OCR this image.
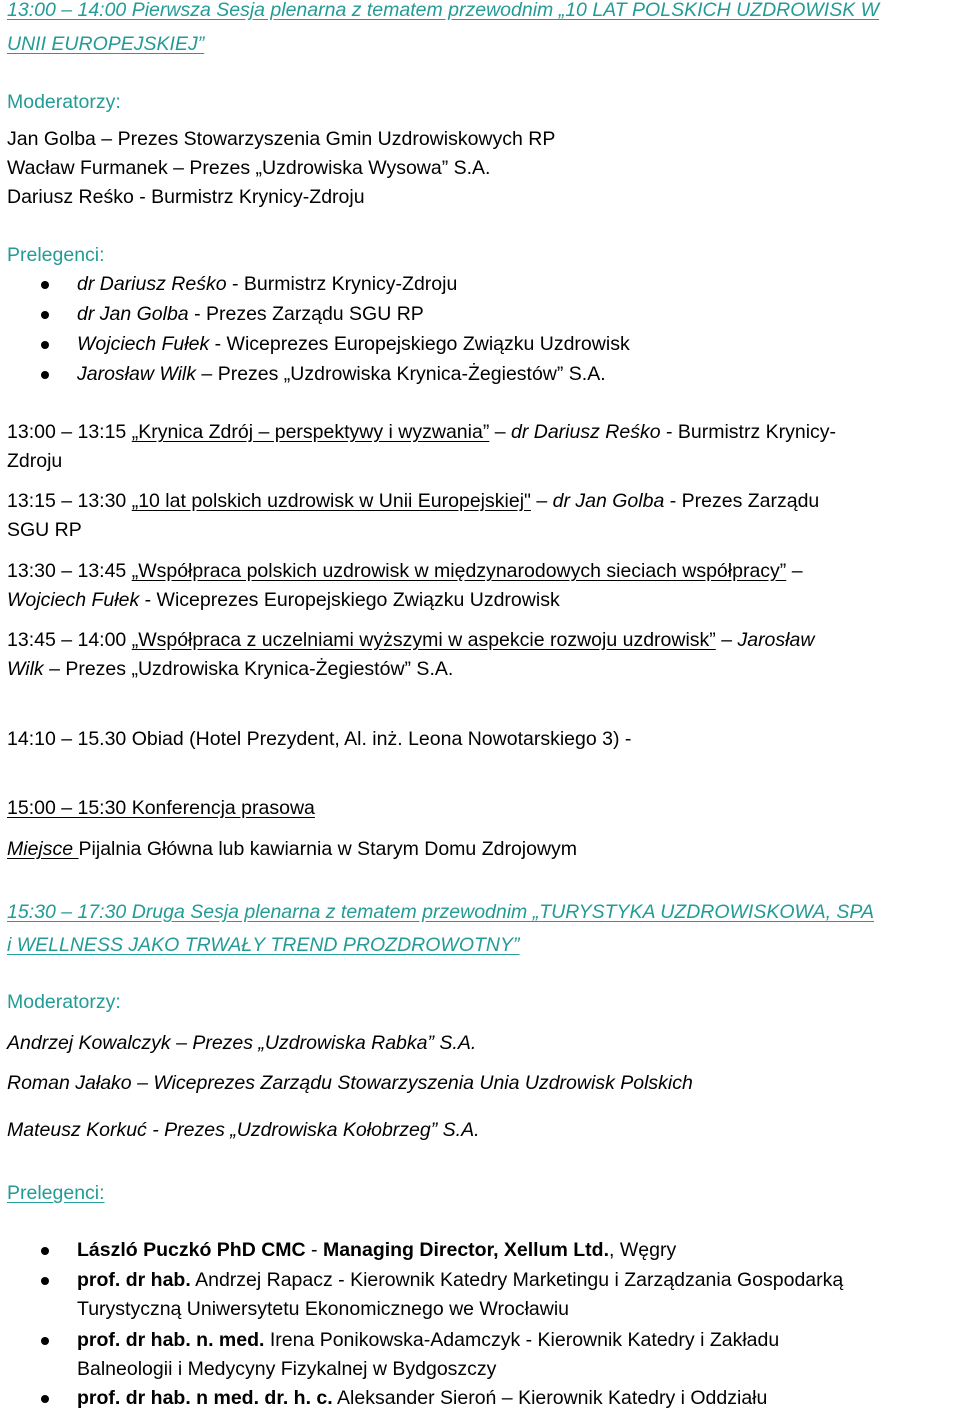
13:00 – 14:00 Pierwsza Sesja plenarna z tematem przewodnim „10 LAT POLSKICH UZDROWISK W

UNII EUROPEJSKIEJ”

Moderatorzy:

Jan Golba – Prezes Stowarzyszenia Gmin Uzdrowiskowych RP

Wacław Furmanek – Prezes „Uzdrowiska Wysowa” S.A.

Dariusz Reśko - Burmistrz Krynicy-Zdroju

Prelegenci:

dr Dariusz Reśko - Burmistrz Krynicy-Zdroju

dr Jan Golba - Prezes Zarządu SGU RP

Wojciech Fułek - Wiceprezes Europejskiego Związku Uzdrowisk

Jarosław Wilk – Prezes „Uzdrowiska Krynica-Żegiestów” S.A.

13:00 – 13:15 „Krynica Zdrój – perspektywy i wyzwania” – dr Dariusz Reśko - Burmistrz Krynicy-

Zdroju

13:15 – 13:30 „10 lat polskich uzdrowisk w Unii Europejskiej" – dr Jan Golba - Prezes Zarządu

SGU RP

13:30 – 13:45 „Współpraca polskich uzdrowisk w międzynarodowych sieciach współpracy” –

Wojciech Fułek - Wiceprezes Europejskiego Związku Uzdrowisk

13:45 – 14:00 „Współpraca z uczelniami wyższymi w aspekcie rozwoju uzdrowisk” – Jarosław

Wilk – Prezes „Uzdrowiska Krynica-Żegiestów” S.A.

14:10 – 15.30 Obiad (Hotel Prezydent, Al. inż. Leona Nowotarskiego 3) -

15:00 – 15:30 Konferencja prasowa

Miejsce Pijalnia Główna lub kawiarnia w Starym Domu Zdrojowym

15:30 – 17:30 Druga Sesja plenarna z tematem przewodnim „TURYSTYKA UZDROWISKOWA, SPA

i WELLNESS JAKO TRWAŁY TREND PROZDROWOTNY”

Moderatorzy:

Andrzej Kowalczyk – Prezes „Uzdrowiska Rabka” S.A.

Roman Jałako – Wiceprezes Zarządu Stowarzyszenia Unia Uzdrowisk Polskich

Mateusz Korkuć - Prezes „Uzdrowiska Kołobrzeg” S.A.

Prelegenci:

László Puczkó PhD CMC - Managing Director, Xellum Ltd., Węgry

prof. dr hab. Andrzej Rapacz - Kierownik Katedry Marketingu i Zarządzania Gospodarką

Turystyczną Uniwersytetu Ekonomicznego we Wrocławiu

prof. dr hab. n. med. Irena Ponikowska-Adamczyk - Kierownik Katedry i Zakładu

Balneologii i Medycyny Fizykalnej w Bydgoszczy

prof. dr hab. n med. dr. h. c. Aleksander Sieroń – Kierownik Katedry i Oddziału
